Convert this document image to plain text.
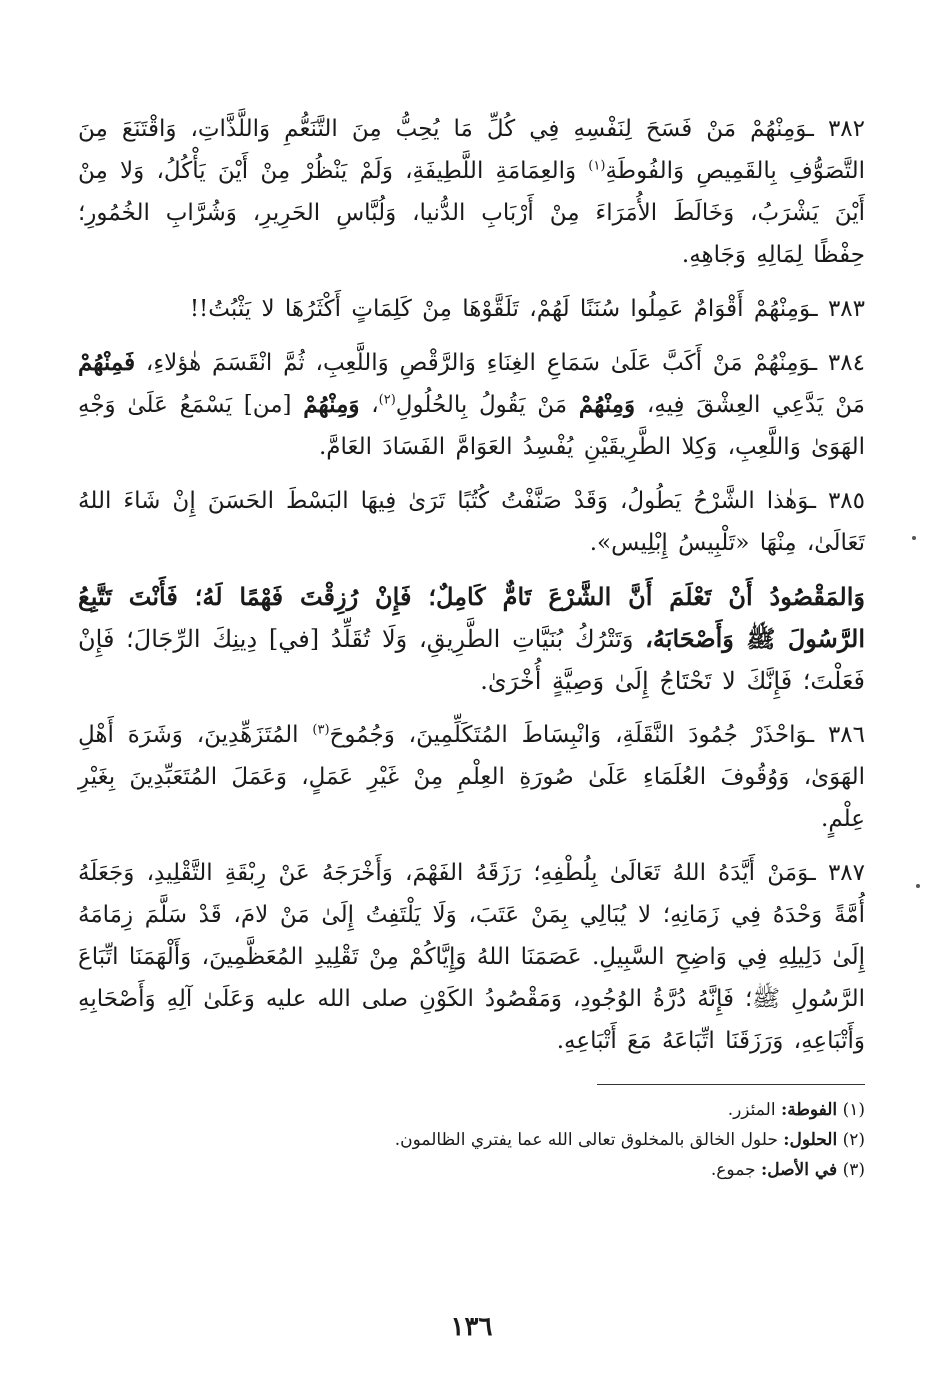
٣٨٢ ـوَمِنْهُمْ مَنْ فَسَحَ لِنَفْسِهِ فِي كُلِّ مَا يُحِبُّ مِنَ التَّنَعُّمِ وَاللَّذَّاتِ، وَاقْتَنَعَ مِنَ التَّصَوُّفِ بِالقَمِيصِ وَالفُوطَةِ$^{(١)}$ وَالعِمَامَةِ اللَّطِيفَةِ، وَلَمْ يَنْظُرْ مِنْ أَيْنَ يَأْكُلُ، وَلا مِنْ أَيْنَ يَشْرَبُ، وَخَالَطَ الأُمَرَاءَ مِنْ أَرْبَابِ الدُّنيا، وَلُبَّاسِ الحَرِيرِ، وَشُرَّابِ الخُمُورِ؛ حِفْظًا لِمَالِهِ وَجَاهِهِ.

٣٨٣ ـوَمِنْهُمْ أَقْوَامٌ عَمِلُوا سُنَنًا لَهُمْ، تَلَقَّوْهَا مِنْ كَلِمَاتٍ أَكْثَرُهَا لا يَثْبُتُ!!

٣٨٤ ـوَمِنْهُمْ مَنْ أَكَبَّ عَلَىٰ سَمَاعِ الغِنَاءِ وَالرَّقْصِ وَاللَّعِبِ، ثُمَّ انْقَسَمَ هٰؤلاءِ، فَمِنْهُمْ مَنْ يَدَّعِي العِشْقَ فِيهِ، وَمِنْهُمْ مَنْ يَقُولُ بِالحُلُولِ$^{(٢)}$، وَمِنْهُمْ [من] يَسْمَعُ عَلَىٰ وَجْهِ الهَوَىٰ وَاللَّعِبِ، وَكِلا الطَّرِيقَيْنِ يُفْسِدُ العَوَامَّ الفَسَادَ العَامَّ.

٣٨٥ ـوَهٰذا الشَّرْحُ يَطُولُ، وَقَدْ صَنَّفْتُ كُتُبًا تَرَىٰ فِيهَا البَسْطَ الحَسَنَ إِنْ شَاءَ اللهُ تَعَالَىٰ، مِنْهَا «تَلْبِيسُ إِبْلِيس».

وَالمَقْصُودُ أَنْ تَعْلَمَ أَنَّ الشَّرْعَ تَامٌّ كَامِلٌ؛ فَإِنْ رُزِقْتَ فَهْمًا لَهُ؛ فَأَنْتَ تَتَّبِعُ الرَّسُولَ ﷺ وَأَصْحَابَهُ، وَتَتْرُكُ بُنَيَّاتِ الطَّرِيقِ، وَلَا تُقَلِّدُ [في] دِينِكَ الرِّجَالَ؛ فَإِنْ فَعَلْتَ؛ فَإِنَّكَ لا تَحْتَاجُ إِلَىٰ وَصِيَّةٍ أُخْرَىٰ.

٣٨٦ ـوَاحْذَرْ جُمُودَ النَّقَلَةِ، وَانْبِسَاطَ المُتَكَلِّمِينَ، وَجُمُوحَ$^{(٣)}$ المُتَزَهِّدِينَ، وَشَرَهَ أَهْلِ الهَوَىٰ، وَوُقُوفَ العُلَمَاءِ عَلَىٰ صُورَةِ العِلْمِ مِنْ غَيْرِ عَمَلٍ، وَعَمَلَ المُتَعَبِّدِينَ بِغَيْرِ عِلْمٍ.

٣٨٧ ـوَمَنْ أَيَّدَهُ اللهُ تَعَالَىٰ بِلُطْفِهِ؛ رَزَقَهُ الفَهْمَ، وَأَخْرَجَهُ عَنْ رِبْقَةِ التَّقْلِيدِ، وَجَعَلَهُ أُمَّةً وَحْدَهُ فِي زَمَانِهِ؛ لا يُبَالِي بِمَنْ عَتَبَ، وَلَا يَلْتَفِتُ إِلَىٰ مَنْ لامَ، قَدْ سَلَّمَ زِمَامَهُ إِلَىٰ دَلِيلِهِ فِي وَاضِحِ السَّبِيلِ. عَصَمَنَا اللهُ وَإِيَّاكُمْ مِنْ تَقْلِيدِ المُعَظَّمِينَ، وَأَلْهَمَنَا اتِّبَاعَ الرَّسُولِ ﷺ؛ فَإِنَّهُ دُرَّةُ الوُجُودِ، وَمَقْصُودُ الكَوْنِ صلى الله عليه وَعَلَىٰ آلِهِ وَأَصْحَابِهِ وَأَتْبَاعِهِ، وَرَزَقَنَا اتِّبَاعَهُ مَعَ أَتْبَاعِهِ.

(١) الفوطة: المئزر.
(٢) الحلول: حلول الخالق بالمخلوق تعالى الله عما يفتري الظالمون.
(٣) في الأصل: جموع.
١٣٦
